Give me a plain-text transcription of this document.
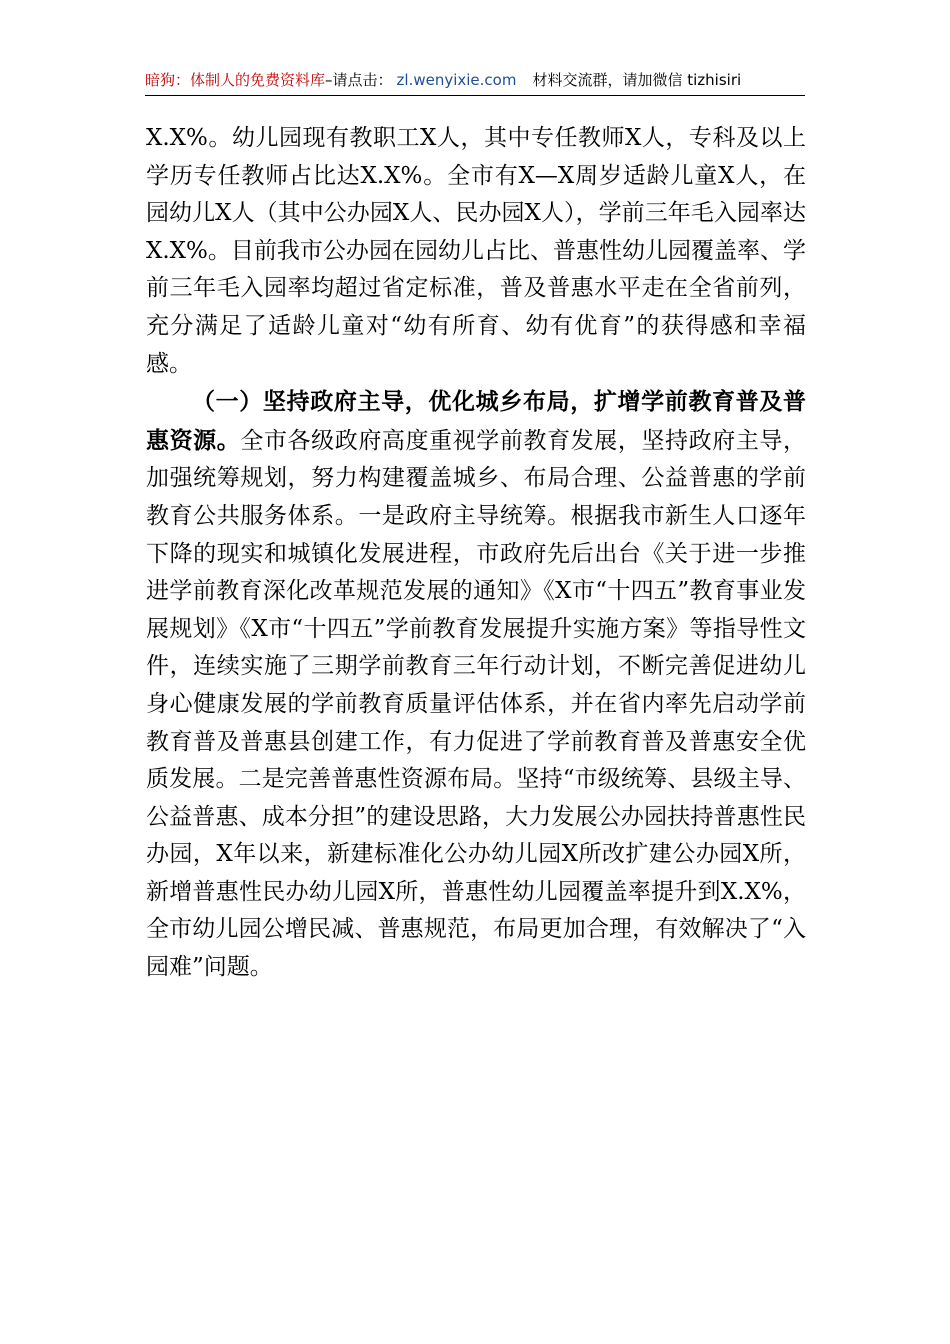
暗狗：体制人的免费资料库–请点击： zl.wenyixie.com 材料交流群，请加微信 tizhisiri

X.X%。幼儿园现有教职工X人，其中专任教师X人，专科及以上学历专任教师占比达X.X%。全市有X—X周岁适龄儿童X人，在园幼儿X人（其中公办园X人、民办园X人），学前三年毛入园率达X.X%。目前我市公办园在园幼儿占比、普惠性幼儿园覆盖率、学前三年毛入园率均超过省定标准，普及普惠水平走在全省前列，充分满足了适龄儿童对“幼有所育、幼有优育”的获得感和幸福感。

（一）坚持政府主导，优化城乡布局，扩增学前教育普及普惠资源。全市各级政府高度重视学前教育发展，坚持政府主导，加强统筹规划，努力构建覆盖城乡、布局合理、公益普惠的学前教育公共服务体系。一是政府主导统筹。根据我市新生人口逐年下降的现实和城镇化发展进程，市政府先后出台《关于进一步推进学前教育深化改革规范发展的通知》《X市“十四五”教育事业发展规划》《X市“十四五”学前教育发展提升实施方案》等指导性文件，连续实施了三期学前教育三年行动计划，不断完善促进幼儿身心健康发展的学前教育质量评估体系，并在省内率先启动学前教育普及普惠县创建工作，有力促进了学前教育普及普惠安全优质发展。二是完善普惠性资源布局。坚持“市级统筹、县级主导、公益普惠、成本分担”的建设思路，大力发展公办园扶持普惠性民办园，X年以来，新建标准化公办幼儿园X所改扩建公办园X所，新增普惠性民办幼儿园X所，普惠性幼儿园覆盖率提升到X.X%，全市幼儿园公增民减、普惠规范，布局更加合理，有效解决了“入园难”问题。
